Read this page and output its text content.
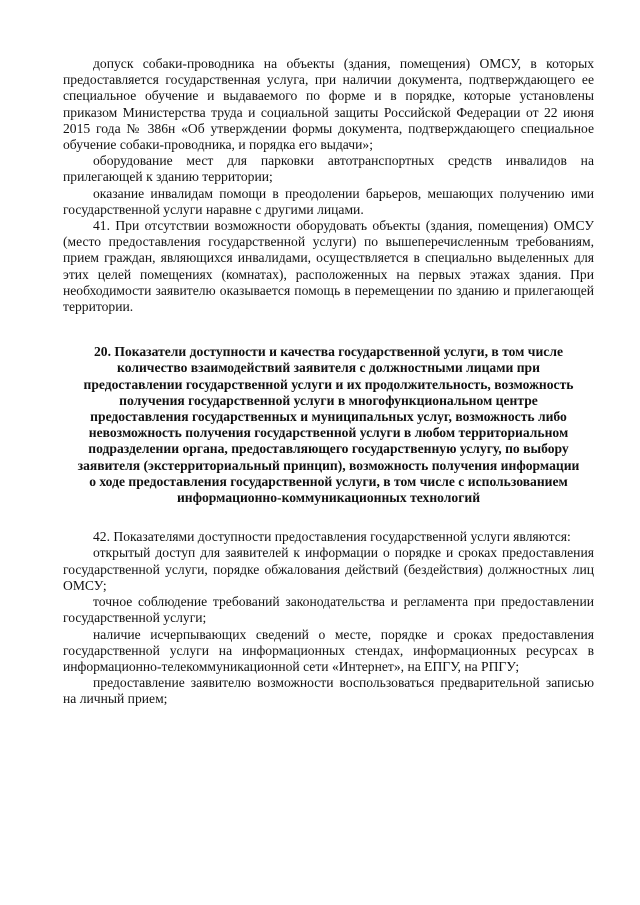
допуск собаки-проводника на объекты (здания, помещения) ОМСУ, в которых предоставляется государственная услуга, при наличии документа, подтверждающего ее специальное обучение и выдаваемого по форме и в порядке, которые установлены приказом Министерства труда и социальной защиты Российской Федерации от 22 июня 2015 года № 386н «Об утверждении формы документа, подтверждающего специальное обучение собаки-проводника, и порядка его выдачи»;

оборудование мест для парковки автотранспортных средств инвалидов на прилегающей к зданию территории;

оказание инвалидам помощи в преодолении барьеров, мешающих получению ими государственной услуги наравне с другими лицами.

41. При отсутствии возможности оборудовать объекты (здания, помещения) ОМСУ (место предоставления государственной услуги) по вышеперечисленным требованиям, прием граждан, являющихся инвалидами, осуществляется в специально выделенных для этих целей помещениях (комнатах), расположенных на первых этажах здания. При необходимости заявителю оказывается помощь в перемещении по зданию и прилегающей территории.

20. Показатели доступности и качества государственной услуги, в том числе количество взаимодействий заявителя с должностными лицами при предоставлении государственной услуги и их продолжительность, возможность получения государственной услуги в многофункциональном центре предоставления государственных и муниципальных услуг, возможность либо невозможность получения государственной услуги в любом территориальном подразделении органа, предоставляющего государственную услугу, по выбору заявителя (экстерриториальный принцип), возможность получения информации о ходе предоставления государственной услуги, в том числе с использованием информационно-коммуникационных технологий

42. Показателями доступности предоставления государственной услуги являются:

открытый доступ для заявителей к информации о порядке и сроках предоставления государственной услуги, порядке обжалования действий (бездействия) должностных лиц ОМСУ;

точное соблюдение требований законодательства и регламента при предоставлении государственной услуги;

наличие исчерпывающих сведений о месте, порядке и сроках предоставления государственной услуги на информационных стендах, информационных ресурсах в информационно-телекоммуникационной сети «Интернет», на ЕПГУ, на РПГУ;

предоставление заявителю возможности воспользоваться предварительной записью на личный прием;
